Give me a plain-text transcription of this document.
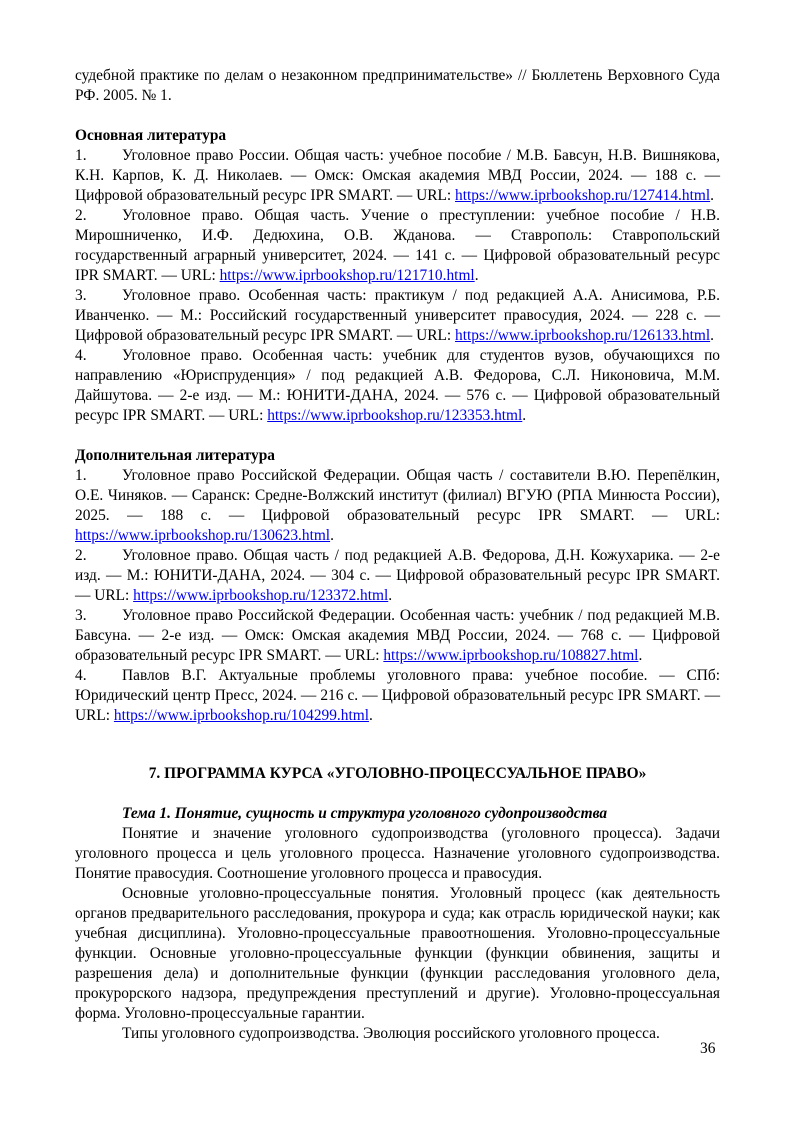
судебной практике по делам о незаконном предпринимательстве» // Бюллетень Верховного Суда РФ. 2005. № 1.

Основная литература

1. Уголовное право России. Общая часть: учебное пособие / М.В. Бавсун, Н.В. Вишнякова, К.Н. Карпов, К. Д. Николаев. — Омск: Омская академия МВД России, 2024. — 188 с. — Цифровой образовательный ресурс IPR SMART. — URL: https://www.iprbookshop.ru/127414.html.

2. Уголовное право. Общая часть. Учение о преступлении: учебное пособие / Н.В. Мирошниченко, И.Ф. Дедюхина, О.В. Жданова. — Ставрополь: Ставропольский государственный аграрный университет, 2024. — 141 с. — Цифровой образовательный ресурс IPR SMART. — URL: https://www.iprbookshop.ru/121710.html.

3. Уголовное право. Особенная часть: практикум / под редакцией А.А. Анисимова, Р.Б. Иванченко. — М.: Российский государственный университет правосудия, 2024. — 228 с. — Цифровой образовательный ресурс IPR SMART. — URL: https://www.iprbookshop.ru/126133.html.

4. Уголовное право. Особенная часть: учебник для студентов вузов, обучающихся по направлению «Юриспруденция» / под редакцией А.В. Федорова, С.Л. Никоновича, М.М. Дайшутова. — 2-е изд. — М.: ЮНИТИ-ДАНА, 2024. — 576 с. — Цифровой образовательный ресурс IPR SMART. — URL: https://www.iprbookshop.ru/123353.html.

Дополнительная литература

1. Уголовное право Российской Федерации. Общая часть / составители В.Ю. Перепёлкин, О.Е. Чиняков. — Саранск: Средне-Волжский институт (филиал) ВГУЮ (РПА Минюста России), 2025. — 188 с. — Цифровой образовательный ресурс IPR SMART. — URL: https://www.iprbookshop.ru/130623.html.

2. Уголовное право. Общая часть / под редакцией А.В. Федорова, Д.Н. Кожухарика. — 2-е изд. — М.: ЮНИТИ-ДАНА, 2024. — 304 с. — Цифровой образовательный ресурс IPR SMART. — URL: https://www.iprbookshop.ru/123372.html.

3. Уголовное право Российской Федерации. Особенная часть: учебник / под редакцией М.В. Бавсуна. — 2-е изд. — Омск: Омская академия МВД России, 2024. — 768 с. — Цифровой образовательный ресурс IPR SMART. — URL: https://www.iprbookshop.ru/108827.html.

4. Павлов В.Г. Актуальные проблемы уголовного права: учебное пособие. — СПб: Юридический центр Пресс, 2024. — 216 с. — Цифровой образовательный ресурс IPR SMART. — URL: https://www.iprbookshop.ru/104299.html.

7. ПРОГРАММА КУРСА «УГОЛОВНО-ПРОЦЕССУАЛЬНОЕ ПРАВО»
Тема 1. Понятие, сущность и структура уголовного судопроизводства

Понятие и значение уголовного судопроизводства (уголовного процесса). Задачи уголовного процесса и цель уголовного процесса. Назначение уголовного судопроизводства. Понятие правосудия. Соотношение уголовного процесса и правосудия.

Основные уголовно-процессуальные понятия. Уголовный процесс (как деятельность органов предварительного расследования, прокурора и суда; как отрасль юридической науки; как учебная дисциплина). Уголовно-процессуальные правоотношения. Уголовно-процессуальные функции. Основные уголовно-процессуальные функции (функции обвинения, защиты и разрешения дела) и дополнительные функции (функции расследования уголовного дела, прокурорского надзора, предупреждения преступлений и другие). Уголовно-процессуальная форма. Уголовно-процессуальные гарантии.

Типы уголовного судопроизводства. Эволюция российского уголовного процесса.

36
